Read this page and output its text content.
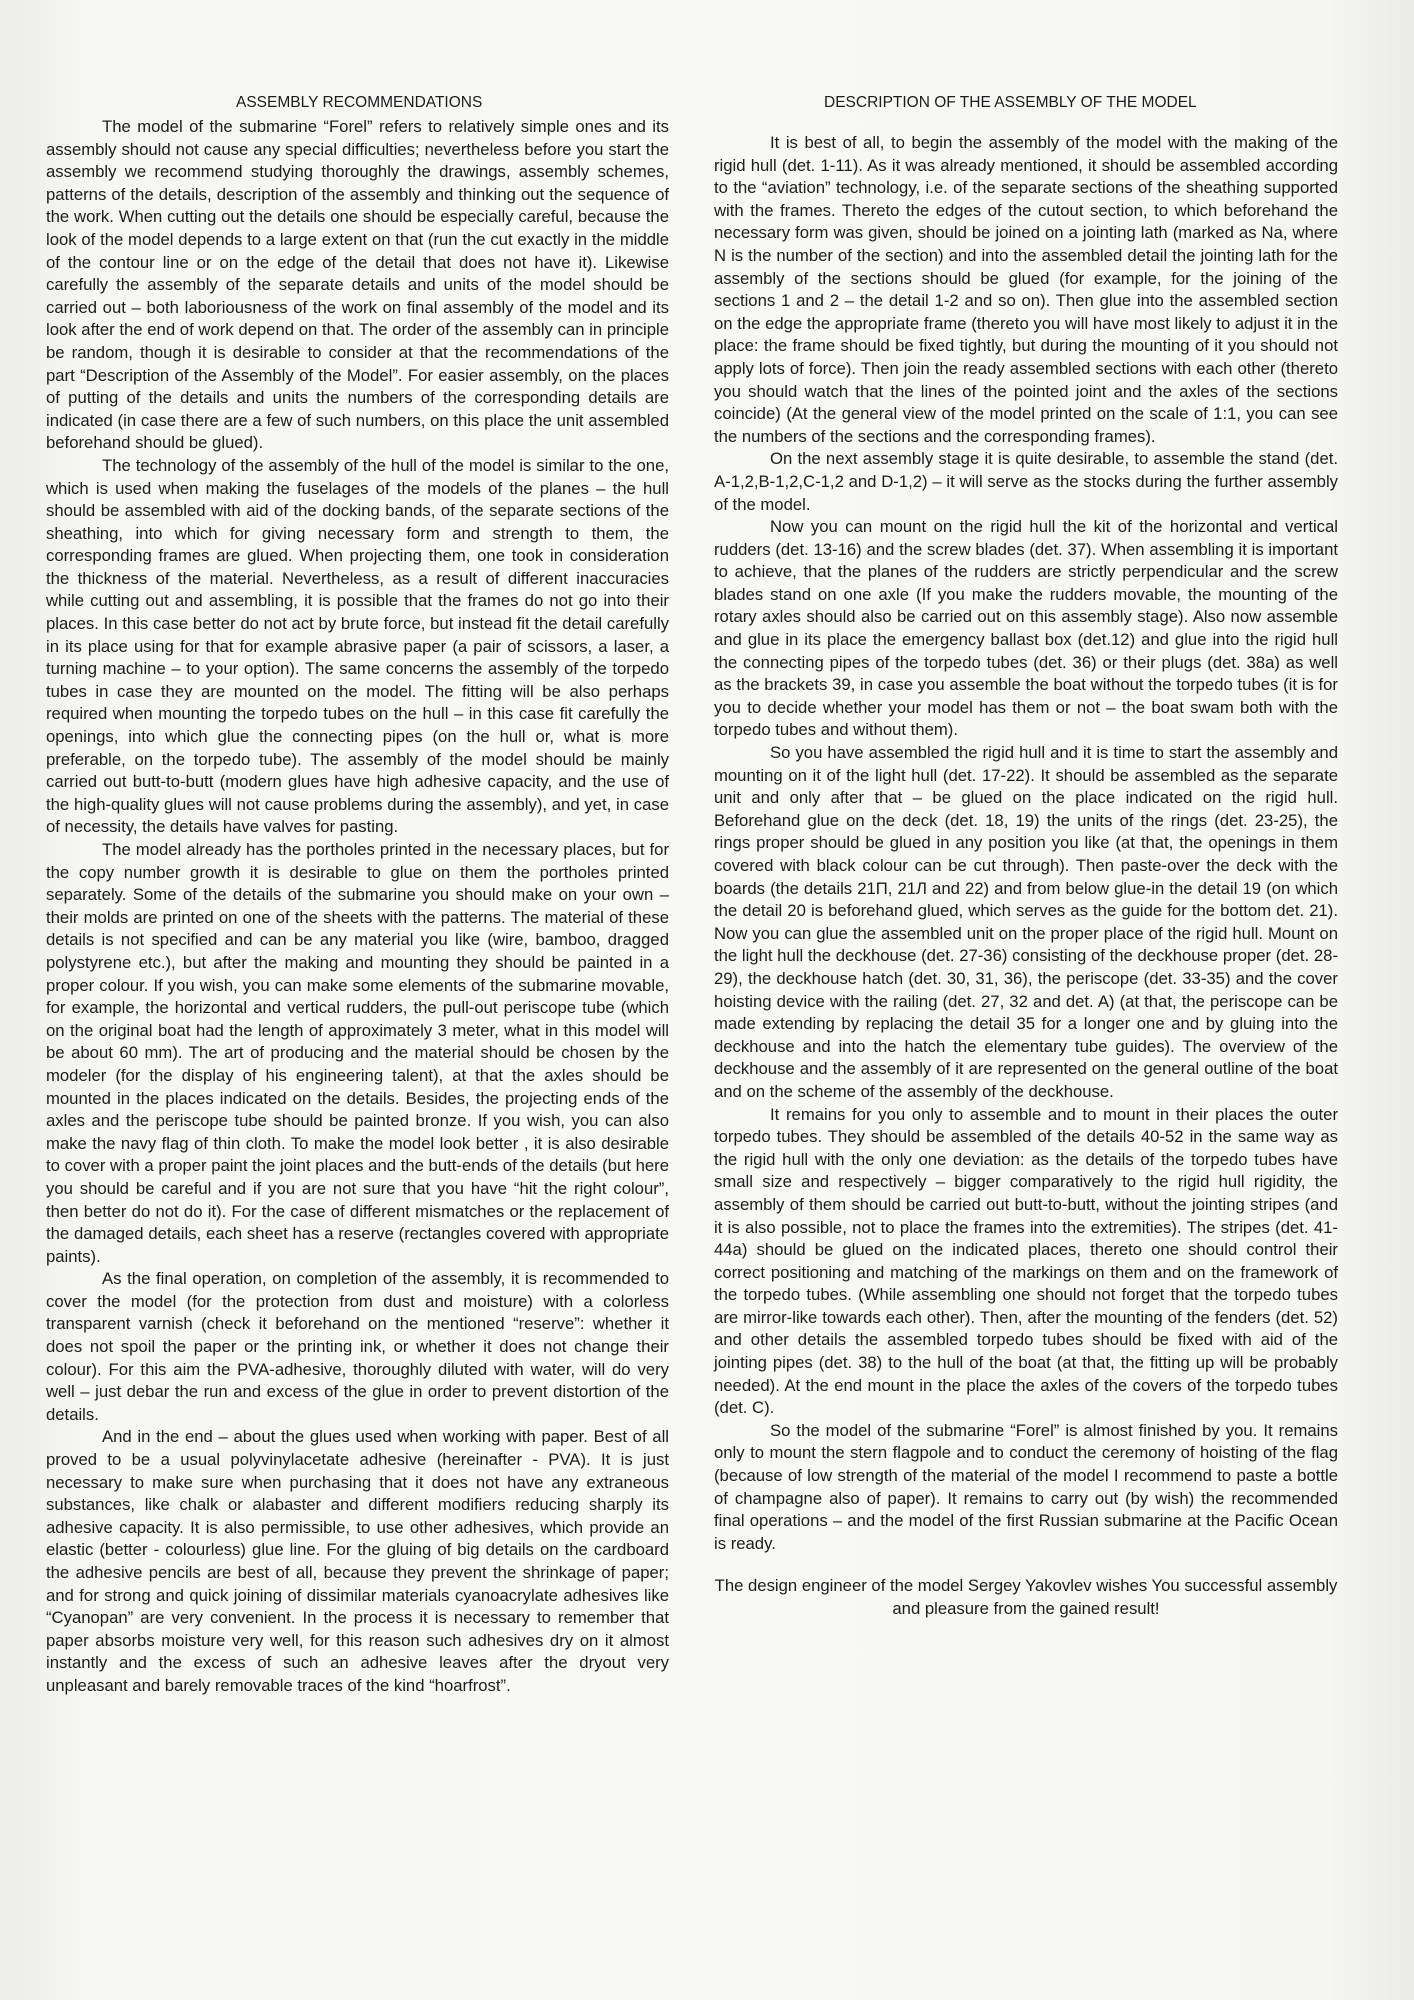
ASSEMBLY RECOMMENDATIONS

The model of the submarine “Forel” refers to relatively simple ones and its assembly should not cause any special difficulties; nevertheless before you start the assembly we recommend studying thoroughly the drawings, assembly schemes, patterns of the details, description of the assembly and thinking out the sequence of the work. When cutting out the details one should be especially careful, because the look of the model depends to a large extent on that (run the cut exactly in the middle of the contour line or on the edge of the detail that does not have it). Likewise carefully the assembly of the separate details and units of the model should be carried out – both laboriousness of the work on final assembly of the model and its look after the end of work depend on that. The order of the assembly can in principle be random, though it is desirable to consider at that the recommendations of the part “Description of the Assembly of the Model”. For easier assembly, on the places of putting of the details and units the numbers of the corresponding details are indicated (in case there are a few of such numbers, on this place the unit assembled beforehand should be glued).

The technology of the assembly of the hull of the model is similar to the one, which is used when making the fuselages of the models of the planes – the hull should be assembled with aid of the docking bands, of the separate sections of the sheathing, into which for giving necessary form and strength to them, the corresponding frames are glued. When projecting them, one took in consideration the thickness of the material. Nevertheless, as a result of different inaccuracies while cutting out and assembling, it is possible that the frames do not go into their places. In this case better do not act by brute force, but instead fit the detail carefully in its place using for that for example abrasive paper (a pair of scissors, a laser, a turning machine – to your option). The same concerns the assembly of the torpedo tubes in case they are mounted on the model. The fitting will be also perhaps required when mounting the torpedo tubes on the hull – in this case fit carefully the openings, into which glue the connecting pipes (on the hull or, what is more preferable, on the torpedo tube). The assembly of the model should be mainly carried out butt-to-butt (modern glues have high adhesive capacity, and the use of the high-quality glues will not cause problems during the assembly), and yet, in case of necessity, the details have valves for pasting.

The model already has the portholes printed in the necessary places, but for the copy number growth it is desirable to glue on them the portholes printed separately. Some of the details of the submarine you should make on your own – their molds are printed on one of the sheets with the patterns. The material of these details is not specified and can be any material you like (wire, bamboo, dragged polystyrene etc.), but after the making and mounting they should be painted in a proper colour. If you wish, you can make some elements of the submarine movable, for example, the horizontal and vertical rudders, the pull-out periscope tube (which on the original boat had the length of approximately 3 meter, what in this model will be about 60 mm). The art of producing and the material should be chosen by the modeler (for the display of his engineering talent), at that the axles should be mounted in the places indicated on the details. Besides, the projecting ends of the axles and the periscope tube should be painted bronze. If you wish, you can also make the navy flag of thin cloth. To make the model look better , it is also desirable to cover with a proper paint the joint places and the butt-ends of the details (but here you should be careful and if you are not sure that you have “hit the right colour”, then better do not do it). For the case of different mismatches or the replacement of the damaged details, each sheet has a reserve (rectangles covered with appropriate paints).

As the final operation, on completion of the assembly, it is recommended to cover the model (for the protection from dust and moisture) with a colorless transparent varnish (check it beforehand on the mentioned “reserve”: whether it does not spoil the paper or the printing ink, or whether it does not change their colour). For this aim the PVA-adhesive, thoroughly diluted with water, will do very well – just debar the run and excess of the glue in order to prevent distortion of the details.

And in the end – about the glues used when working with paper. Best of all proved to be a usual polyvinylacetate adhesive (hereinafter - PVA). It is just necessary to make sure when purchasing that it does not have any extraneous substances, like chalk or alabaster and different modifiers reducing sharply its adhesive capacity. It is also permissible, to use other adhesives, which provide an elastic (better - colourless) glue line. For the gluing of big details on the cardboard the adhesive pencils are best of all, because they prevent the shrinkage of paper; and for strong and quick joining of dissimilar materials cyanoacrylate adhesives like “Cyanopan” are very convenient. In the process it is necessary to remember that paper absorbs moisture very well, for this reason such adhesives dry on it almost instantly and the excess of such an adhesive leaves after the dryout very unpleasant and barely removable traces of the kind “hoarfrost”.

DESCRIPTION OF THE ASSEMBLY OF THE MODEL

It is best of all, to begin the assembly of the model with the making of the rigid hull (det. 1-11). As it was already mentioned, it should be assembled according to the “aviation” technology, i.e. of the separate sections of the sheathing supported with the frames. Thereto the edges of the cutout section, to which beforehand the necessary form was given, should be joined on a jointing lath (marked as Na, where N is the number of the section) and into the assembled detail the jointing lath for the assembly of the sections should be glued (for example, for the joining of the sections 1 and 2 – the detail 1-2 and so on). Then glue into the assembled section on the edge the appropriate frame (thereto you will have most likely to adjust it in the place: the frame should be fixed tightly, but during the mounting of it you should not apply lots of force). Then join the ready assembled sections with each other (thereto you should watch that the lines of the pointed joint and the axles of the sections coincide) (At the general view of the model printed on the scale of 1:1, you can see the numbers of the sections and the corresponding frames).

On the next assembly stage it is quite desirable, to assemble the stand (det. A-1,2,B-1,2,C-1,2 and D-1,2) – it will serve as the stocks during the further assembly of the model.

Now you can mount on the rigid hull the kit of the horizontal and vertical rudders (det. 13-16) and the screw blades (det. 37). When assembling it is important to achieve, that the planes of the rudders are strictly perpendicular and the screw blades stand on one axle (If you make the rudders movable, the mounting of the rotary axles should also be carried out on this assembly stage). Also now assemble and glue in its place the emergency ballast box (det.12) and glue into the rigid hull the connecting pipes of the torpedo tubes (det. 36) or their plugs (det. 38a) as well as the brackets 39, in case you assemble the boat without the torpedo tubes (it is for you to decide whether your model has them or not – the boat swam both with the torpedo tubes and without them).

So you have assembled the rigid hull and it is time to start the assembly and mounting on it of the light hull (det. 17-22). It should be assembled as the separate unit and only after that – be glued on the place indicated on the rigid hull. Beforehand glue on the deck (det. 18, 19) the units of the rings (det. 23-25), the rings proper should be glued in any position you like (at that, the openings in them covered with black colour can be cut through). Then paste-over the deck with the boards (the details 21П, 21Л and 22) and from below glue-in the detail 19 (on which the detail 20 is beforehand glued, which serves as the guide for the bottom det. 21). Now you can glue the assembled unit on the proper place of the rigid hull. Mount on the light hull the deckhouse (det. 27-36) consisting of the deckhouse proper (det. 28-29), the deckhouse hatch (det. 30, 31, 36), the periscope (det. 33-35) and the cover hoisting device with the railing (det. 27, 32 and det. A) (at that, the periscope can be made extending by replacing the detail 35 for a longer one and by gluing into the deckhouse and into the hatch the elementary tube guides). The overview of the deckhouse and the assembly of it are represented on the general outline of the boat and on the scheme of the assembly of the deckhouse.

It remains for you only to assemble and to mount in their places the outer torpedo tubes. They should be assembled of the details 40-52 in the same way as the rigid hull with the only one deviation: as the details of the torpedo tubes have small size and respectively – bigger comparatively to the rigid hull rigidity, the assembly of them should be carried out butt-to-butt, without the jointing stripes (and it is also possible, not to place the frames into the extremities). The stripes (det. 41-44a) should be glued on the indicated places, thereto one should control their correct positioning and matching of the markings on them and on the framework of the torpedo tubes. (While assembling one should not forget that the torpedo tubes are mirror-like towards each other). Then, after the mounting of the fenders (det. 52) and other details the assembled torpedo tubes should be fixed with aid of the jointing pipes (det. 38) to the hull of the boat (at that, the fitting up will be probably needed). At the end mount in the place the axles of the covers of the torpedo tubes (det. C).

So the model of the submarine “Forel” is almost finished by you. It remains only to mount the stern flagpole and to conduct the ceremony of hoisting of the flag (because of low strength of the material of the model I recommend to paste a bottle of champagne also of paper). It remains to carry out (by wish) the recommended final operations – and the model of the first Russian submarine at the Pacific Ocean is ready.

The design engineer of the model Sergey Yakovlev wishes You successful assembly and pleasure from the gained result!
